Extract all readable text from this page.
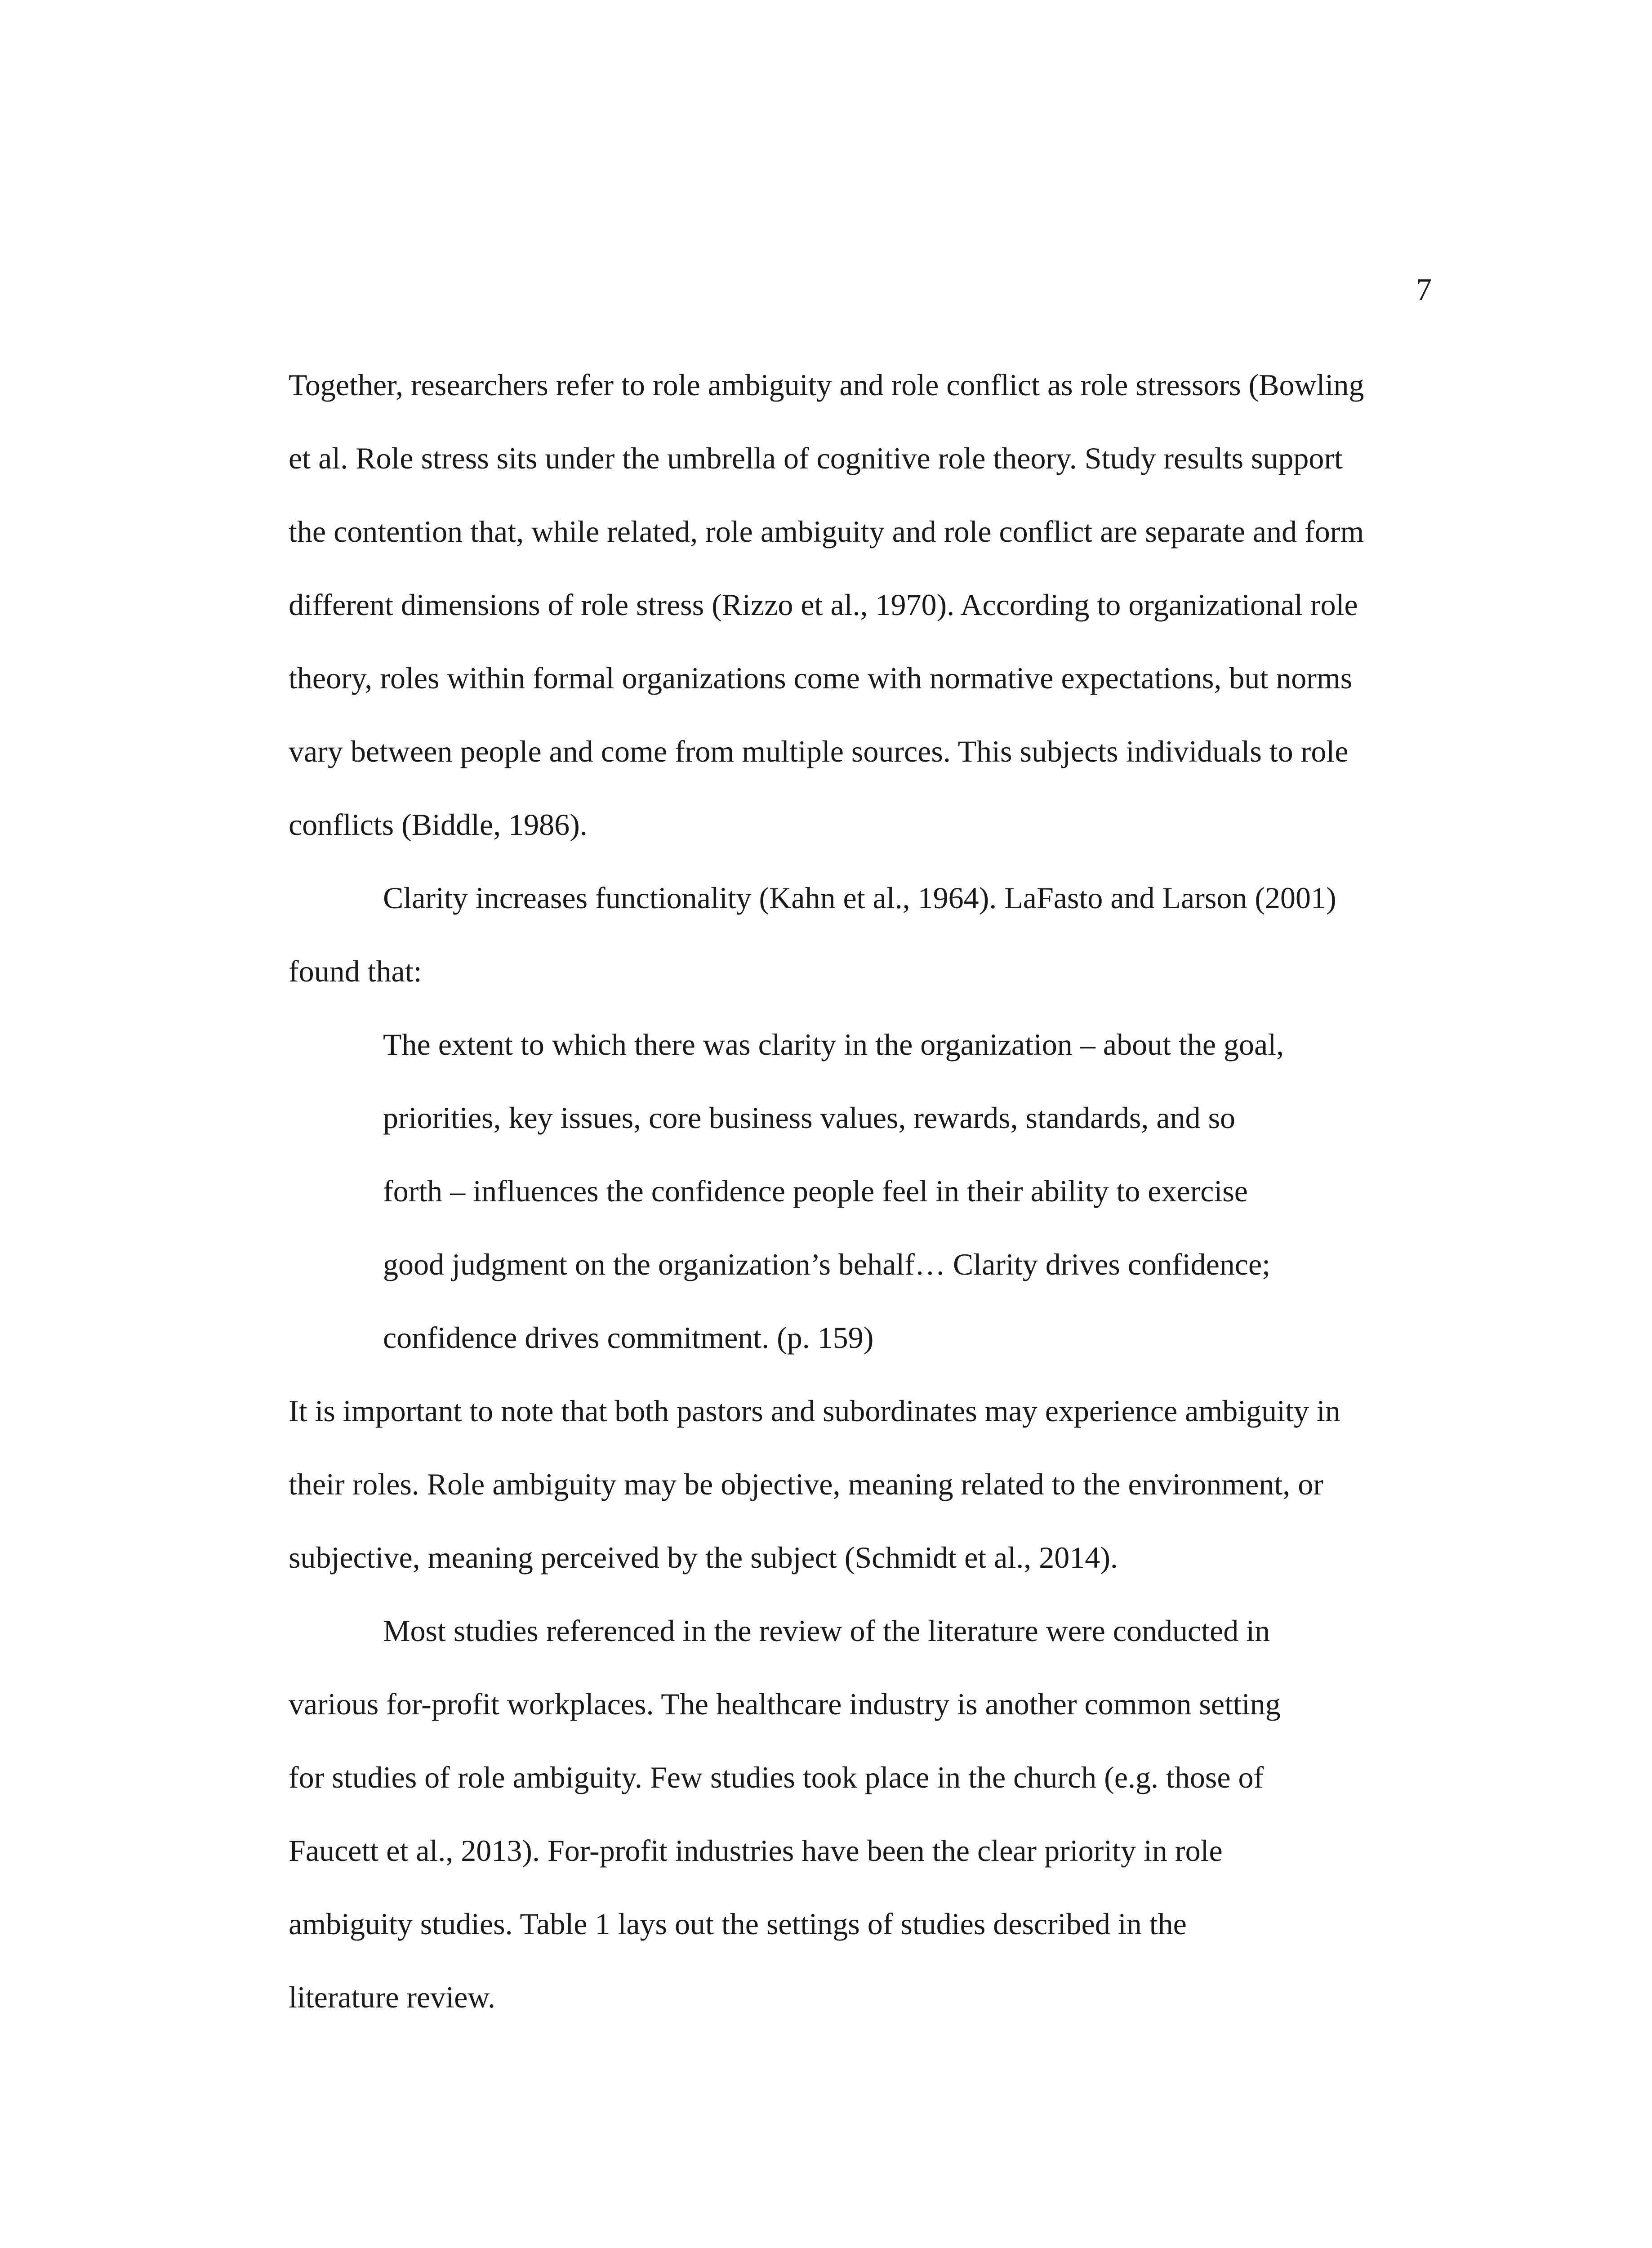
7
Together, researchers refer to role ambiguity and role conflict as role stressors (Bowling
et al. Role stress sits under the umbrella of cognitive role theory. Study results support
the contention that, while related, role ambiguity and role conflict are separate and form
different dimensions of role stress (Rizzo et al., 1970). According to organizational role
theory, roles within formal organizations come with normative expectations, but norms
vary between people and come from multiple sources. This subjects individuals to role
conflicts (Biddle, 1986).
Clarity increases functionality (Kahn et al., 1964). LaFasto and Larson (2001)
found that:
The extent to which there was clarity in the organization – about the goal,
priorities, key issues, core business values, rewards, standards, and so
forth – influences the confidence people feel in their ability to exercise
good judgment on the organization’s behalf… Clarity drives confidence;
confidence drives commitment. (p. 159)
It is important to note that both pastors and subordinates may experience ambiguity in
their roles. Role ambiguity may be objective, meaning related to the environment, or
subjective, meaning perceived by the subject (Schmidt et al., 2014).
Most studies referenced in the review of the literature were conducted in
various for-profit workplaces. The healthcare industry is another common setting
for studies of role ambiguity. Few studies took place in the church (e.g. those of
Faucett et al., 2013). For-profit industries have been the clear priority in role
ambiguity studies. Table 1 lays out the settings of studies described in the
literature review.
